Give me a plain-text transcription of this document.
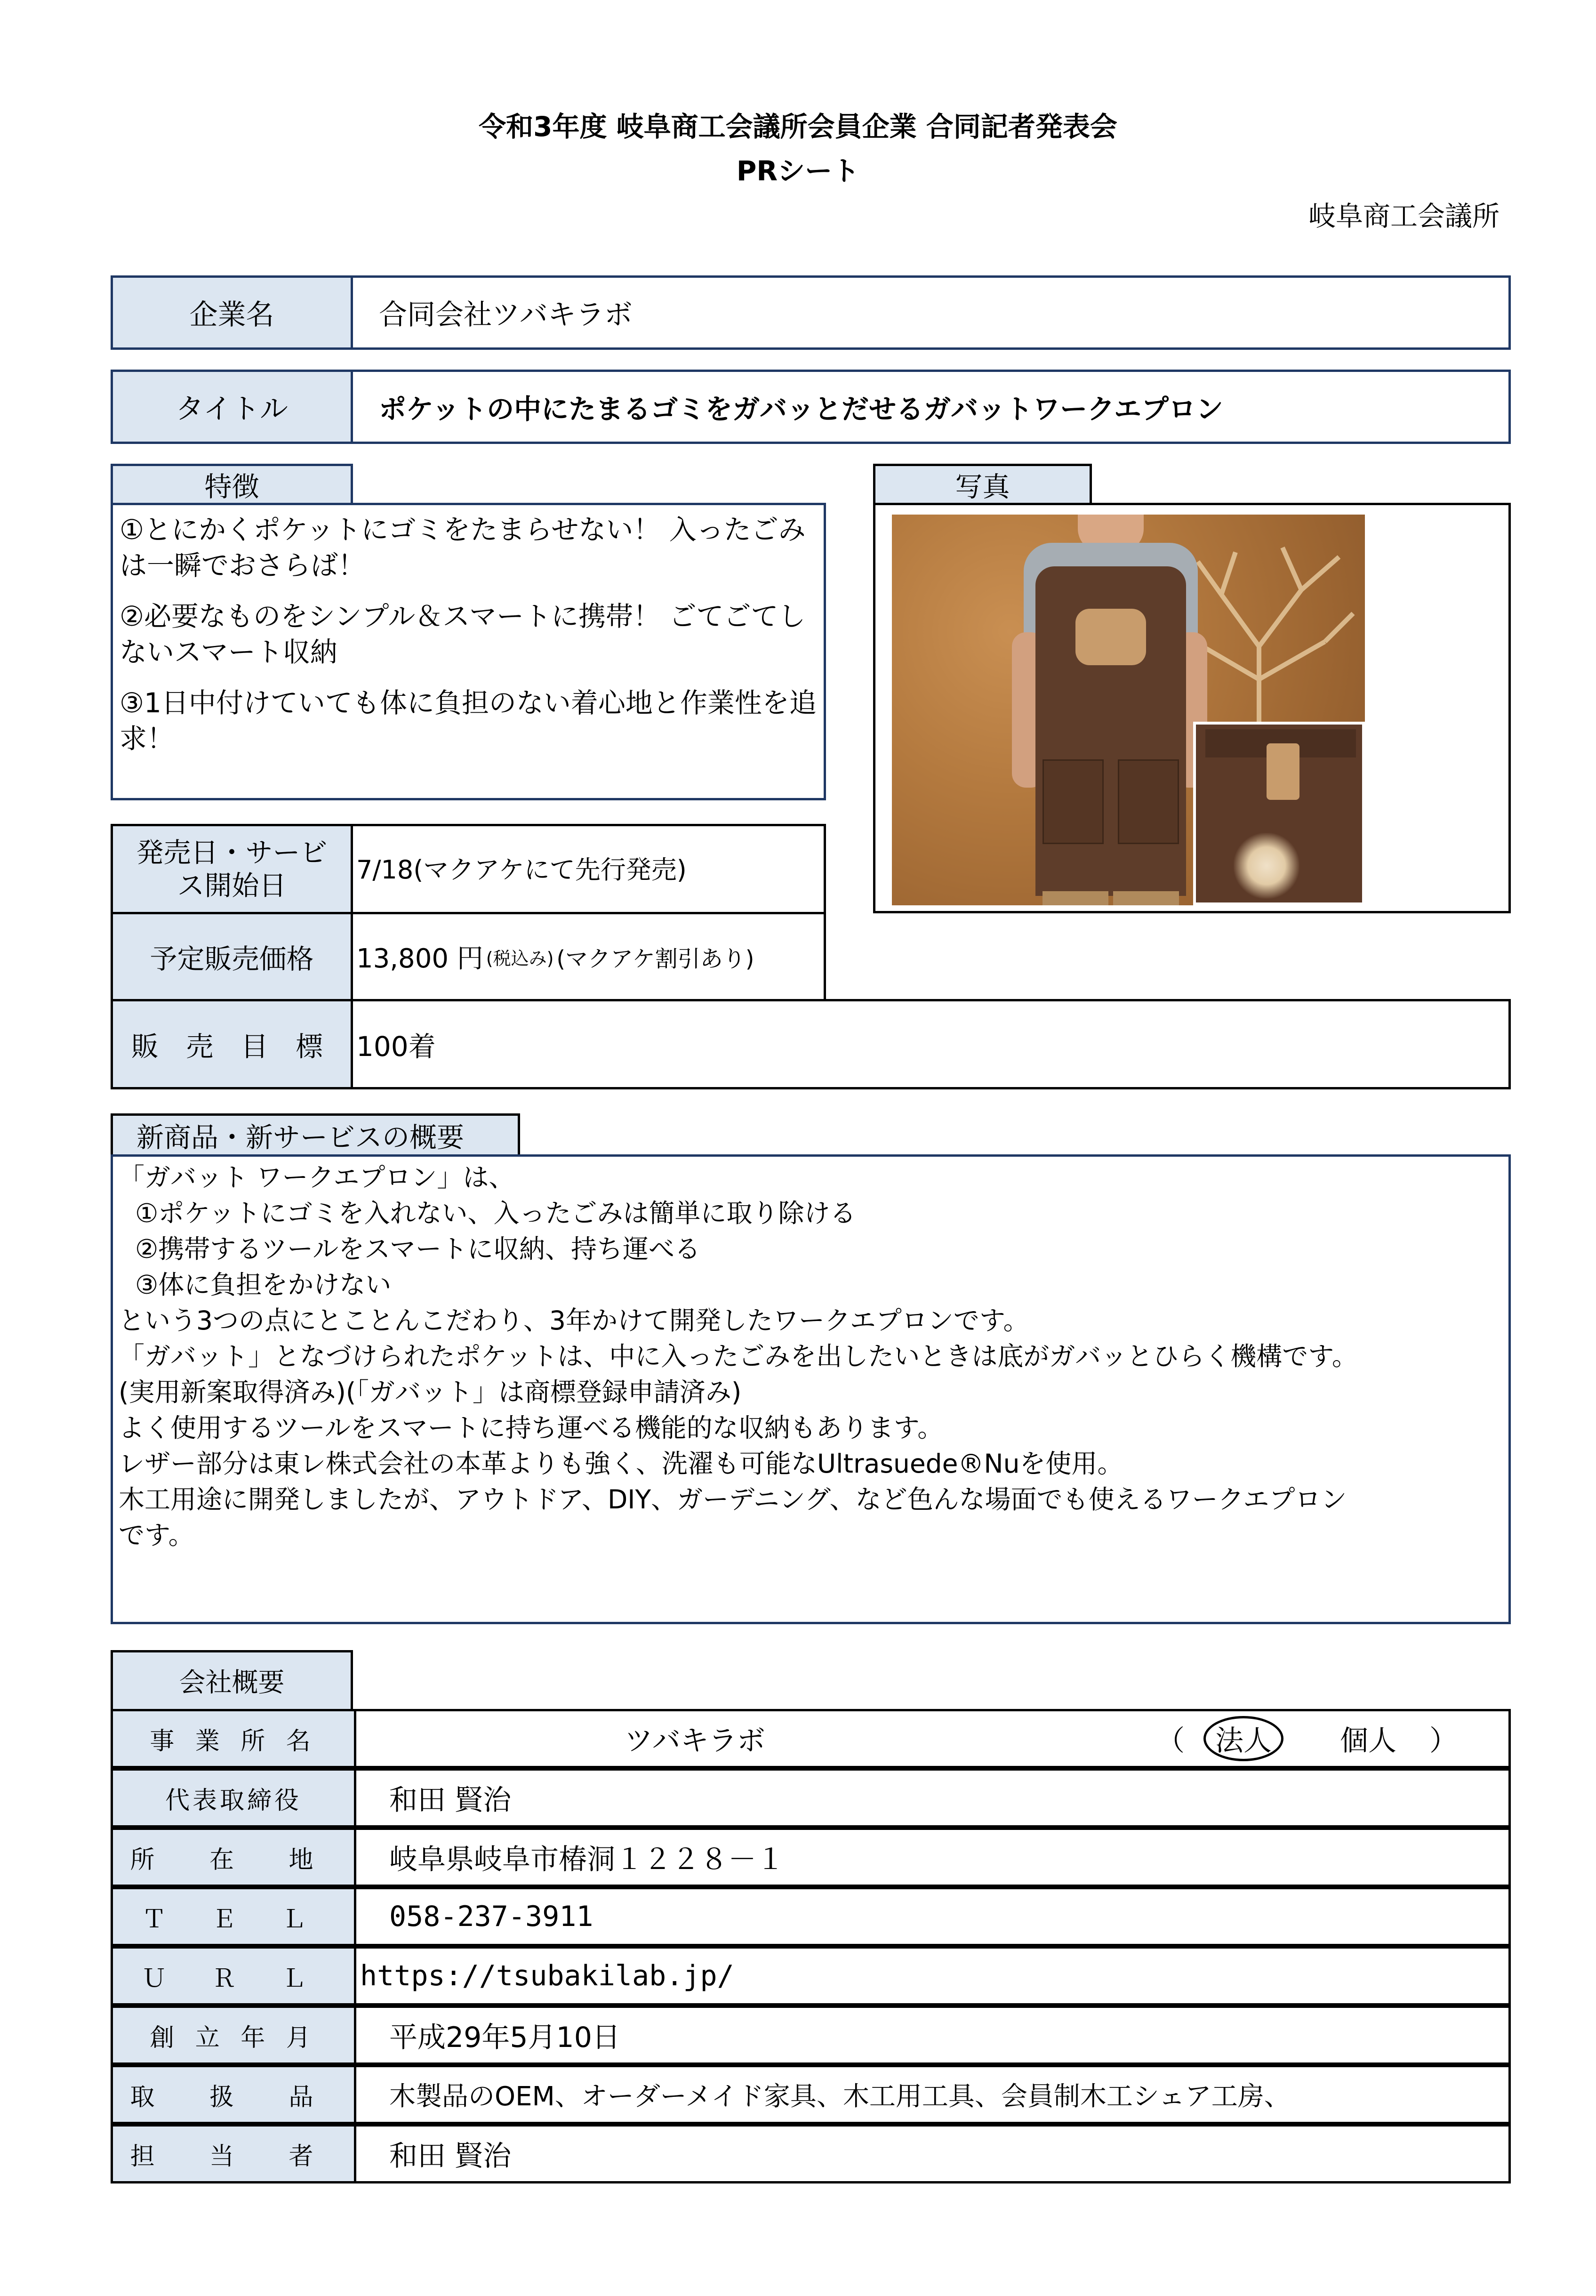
令和3年度 岐阜商工会議所会員企業 合同記者発表会
PRシート
岐阜商工会議所
企業名	合同会社ツバキラボ
タイトル	ポケットの中にたまるゴミをガバッとだせるガバットワークエプロン
特徴

①とにかくポケットにゴミをたまらせない！ 入ったごみは一瞬でおさらば！

②必要なものをシンプル＆スマートに携帯！ ごてごてしないスマート収納

③1日中付けていても体に負担のない着心地と作業性を追求！

写真
発売日・サービ
ス開始日	7/18(マクアケにて先行発売)
予定販売価格	13,800 円 (税込み) (マクアケ割引あり)
販 売 目 標 100着
新商品・新サービスの概要

「ガバット ワークエプロン」は、

①ポケットにゴミを入れない、入ったごみは簡単に取り除ける

②携帯するツールをスマートに収納、持ち運べる

③体に負担をかけない

という3つの点にとことんこだわり、3年かけて開発したワークエプロンです。

「ガバット」となづけられたポケットは、中に入ったごみを出したいときは底がガバッとひらく機構です。

(実用新案取得済み)(「ガバット」は商標登録申請済み)

よく使用するツールをスマートに持ち運べる機能的な収納もあります。

レザー部分は東レ株式会社の本革よりも強く、洗濯も可能なUltrasuede®Nuを使用。

木工用途に開発しましたが、アウトドア、DIY、ガーデニング、など色んな場面でも使えるワークエプロン

です。

会社概要
事 業 所 名	ツバキラボ	（	法人	個人 ）
代表取締役	和田 賢治
所 在 地	岐阜県岐阜市椿洞１２２８－１
Ｔ Ｅ Ｌ	058-237-3911
Ｕ Ｒ Ｌ	https://tsubakilab.jp/
創 立 年 月	平成29年5月10日
取 扱 品	木製品のOEM、オーダーメイド家具、木工用工具、会員制木工シェア工房、
担 当 者	和田 賢治
